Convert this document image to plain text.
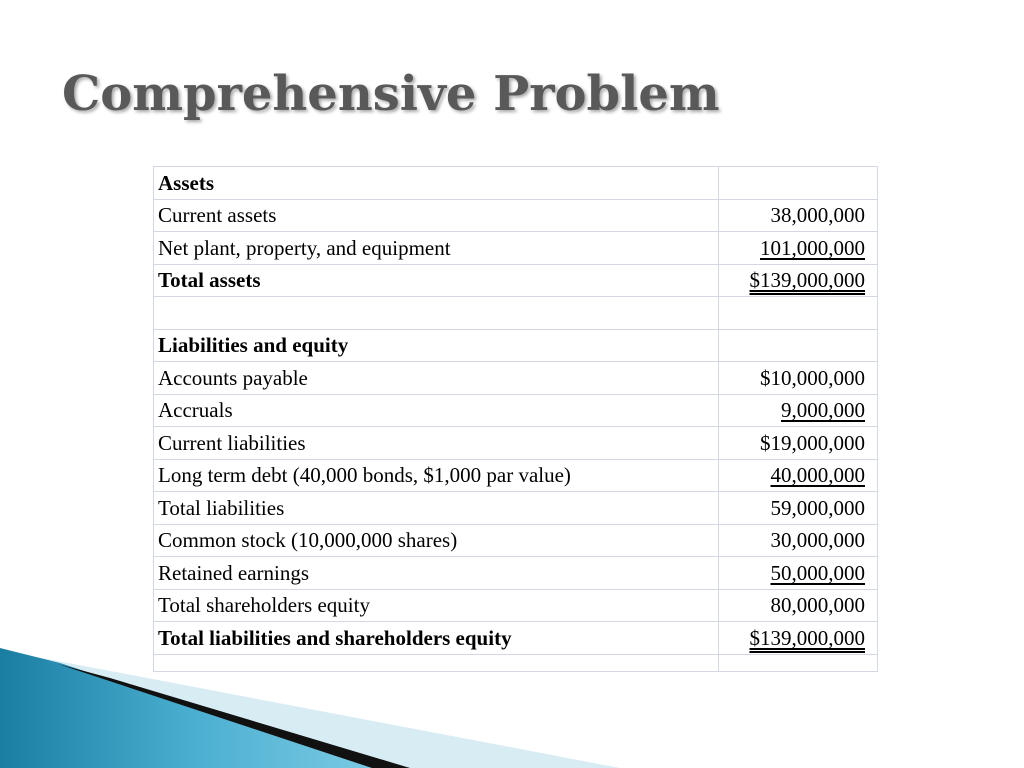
Comprehensive Problem
Assets	
Current assets	38,000,000
Net plant, property, and equipment	101,000,000
Total assets	$139,000,000

Liabilities and equity	
Accounts payable	$10,000,000
Accruals	9,000,000
Current liabilities	$19,000,000
Long term debt (40,000 bonds, $1,000 par value)	40,000,000
Total liabilities	59,000,000
Common stock (10,000,000 shares)	30,000,000
Retained earnings	50,000,000
Total shareholders equity	80,000,000
Total liabilities and shareholders equity	$139,000,000
